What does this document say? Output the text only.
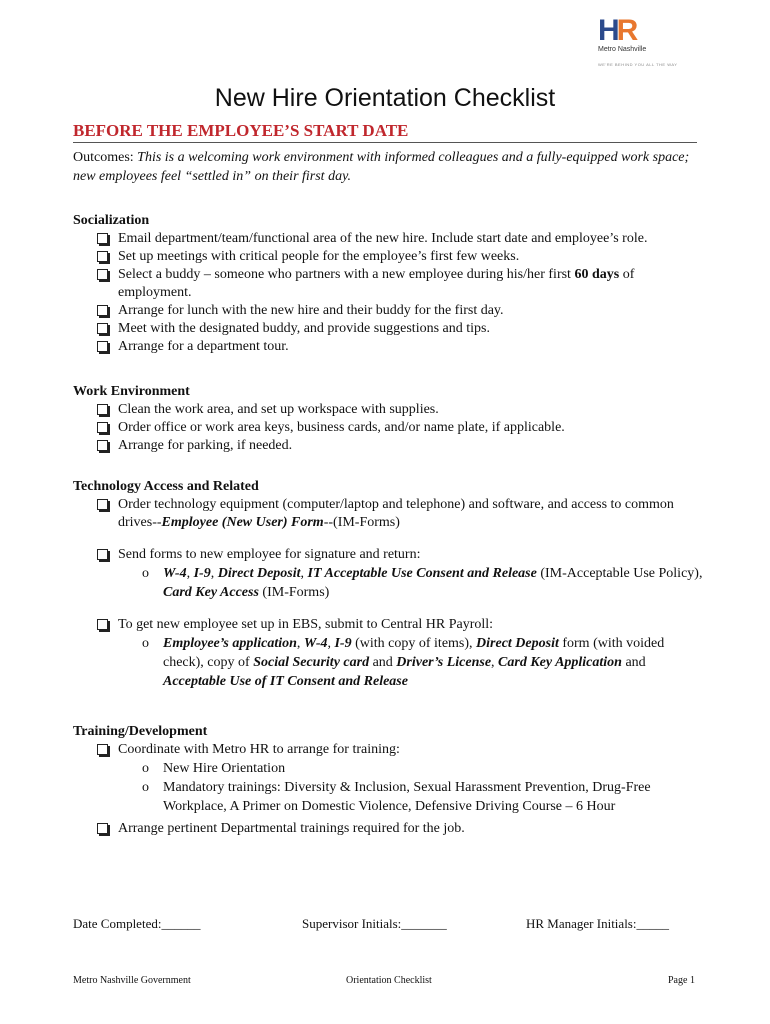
HR
Metro Nashville
WE'RE BEHIND YOU ALL THE WAY
New Hire Orientation Checklist
BEFORE THE EMPLOYEE’S START DATE
Outcomes: This is a welcoming work environment with informed colleagues and a fully-equipped work space; new employees feel “settled in” on their first day.
Socialization
Email department/team/functional area of the new hire. Include start date and employee’s role.
Set up meetings with critical people for the employee’s first few weeks.
Select a buddy – someone who partners with a new employee during his/her first 60 days of employment.
Arrange for lunch with the new hire and their buddy for the first day.
Meet with the designated buddy, and provide suggestions and tips.
Arrange for a department tour.
Work Environment
Clean the work area, and set up workspace with supplies.
Order office or work area keys, business cards, and/or name plate, if applicable.
Arrange for parking, if needed.
Technology Access and Related
Order technology equipment (computer/laptop and telephone) and software, and access to common drives--Employee (New User) Form--(IM-Forms)
Send forms to new employee for signature and return:
o W-4, I-9, Direct Deposit, IT Acceptable Use Consent and Release (IM-Acceptable Use Policy), Card Key Access (IM-Forms)
To get new employee set up in EBS, submit to Central HR Payroll:
o Employee’s application, W-4, I-9 (with copy of items), Direct Deposit form (with voided check), copy of Social Security card and Driver’s License, Card Key Application and Acceptable Use of IT Consent and Release
Training/Development
Coordinate with Metro HR to arrange for training:
o New Hire Orientation
o Mandatory trainings: Diversity & Inclusion, Sexual Harassment Prevention, Drug-Free Workplace, A Primer on Domestic Violence, Defensive Driving Course – 6 Hour
Arrange pertinent Departmental trainings required for the job.
Date Completed:______	Supervisor Initials:_______	HR Manager Initials:_____
Metro Nashville Government	Orientation Checklist	Page 1
